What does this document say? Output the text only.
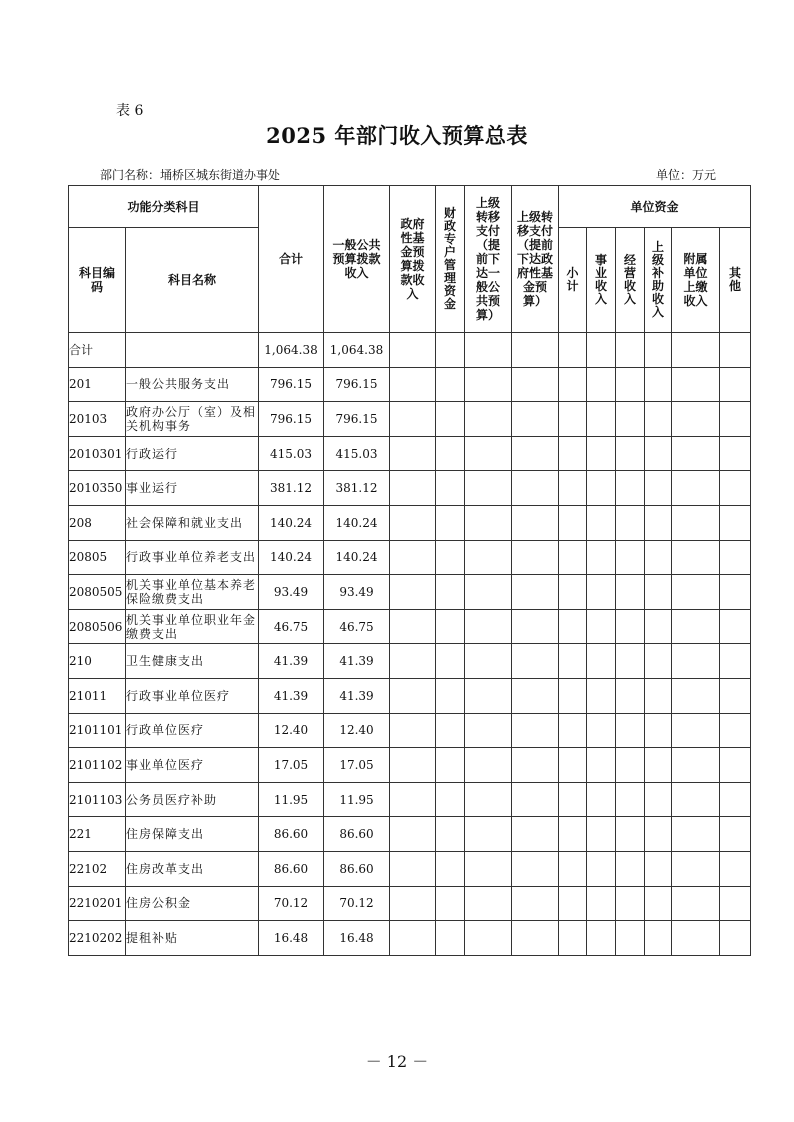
表 6
2025 年部门收入预算总表
部门名称：埇桥区城东街道办事处	单位：万元
功能分类科目		合计	一般公共预算拨款收入	政府性基金预算拨款收入	财政专户管理资金	上级转移支付（提前下达一般公共预算）	上级转移支付（提前下达政府性基金预算）	单位资金					

科目编码	科目名称							小计	事业收入	经营收入	上级补助收入	附属单位上缴收入	其他
合计		1,064.38	1,064.38										
201	一般公共服务支出	796.15	796.15										
20103	政府办公厅（室）及相关机构事务	796.15	796.15										
2010301	行政运行	415.03	415.03										
2010350	事业运行	381.12	381.12										
208	社会保障和就业支出	140.24	140.24										
20805	行政事业单位养老支出	140.24	140.24										
2080505	机关事业单位基本养老保险缴费支出	93.49	93.49										
2080506	机关事业单位职业年金缴费支出	46.75	46.75										
210	卫生健康支出	41.39	41.39										
21011	行政事业单位医疗	41.39	41.39										
2101101	行政单位医疗	12.40	12.40										
2101102	事业单位医疗	17.05	17.05										
2101103	公务员医疗补助	11.95	11.95										
221	住房保障支出	86.60	86.60										
22102	住房改革支出	86.60	86.60										
2210201	住房公积金	70.12	70.12										
2210202	提租补贴	16.48	16.48										
－ 12 －
